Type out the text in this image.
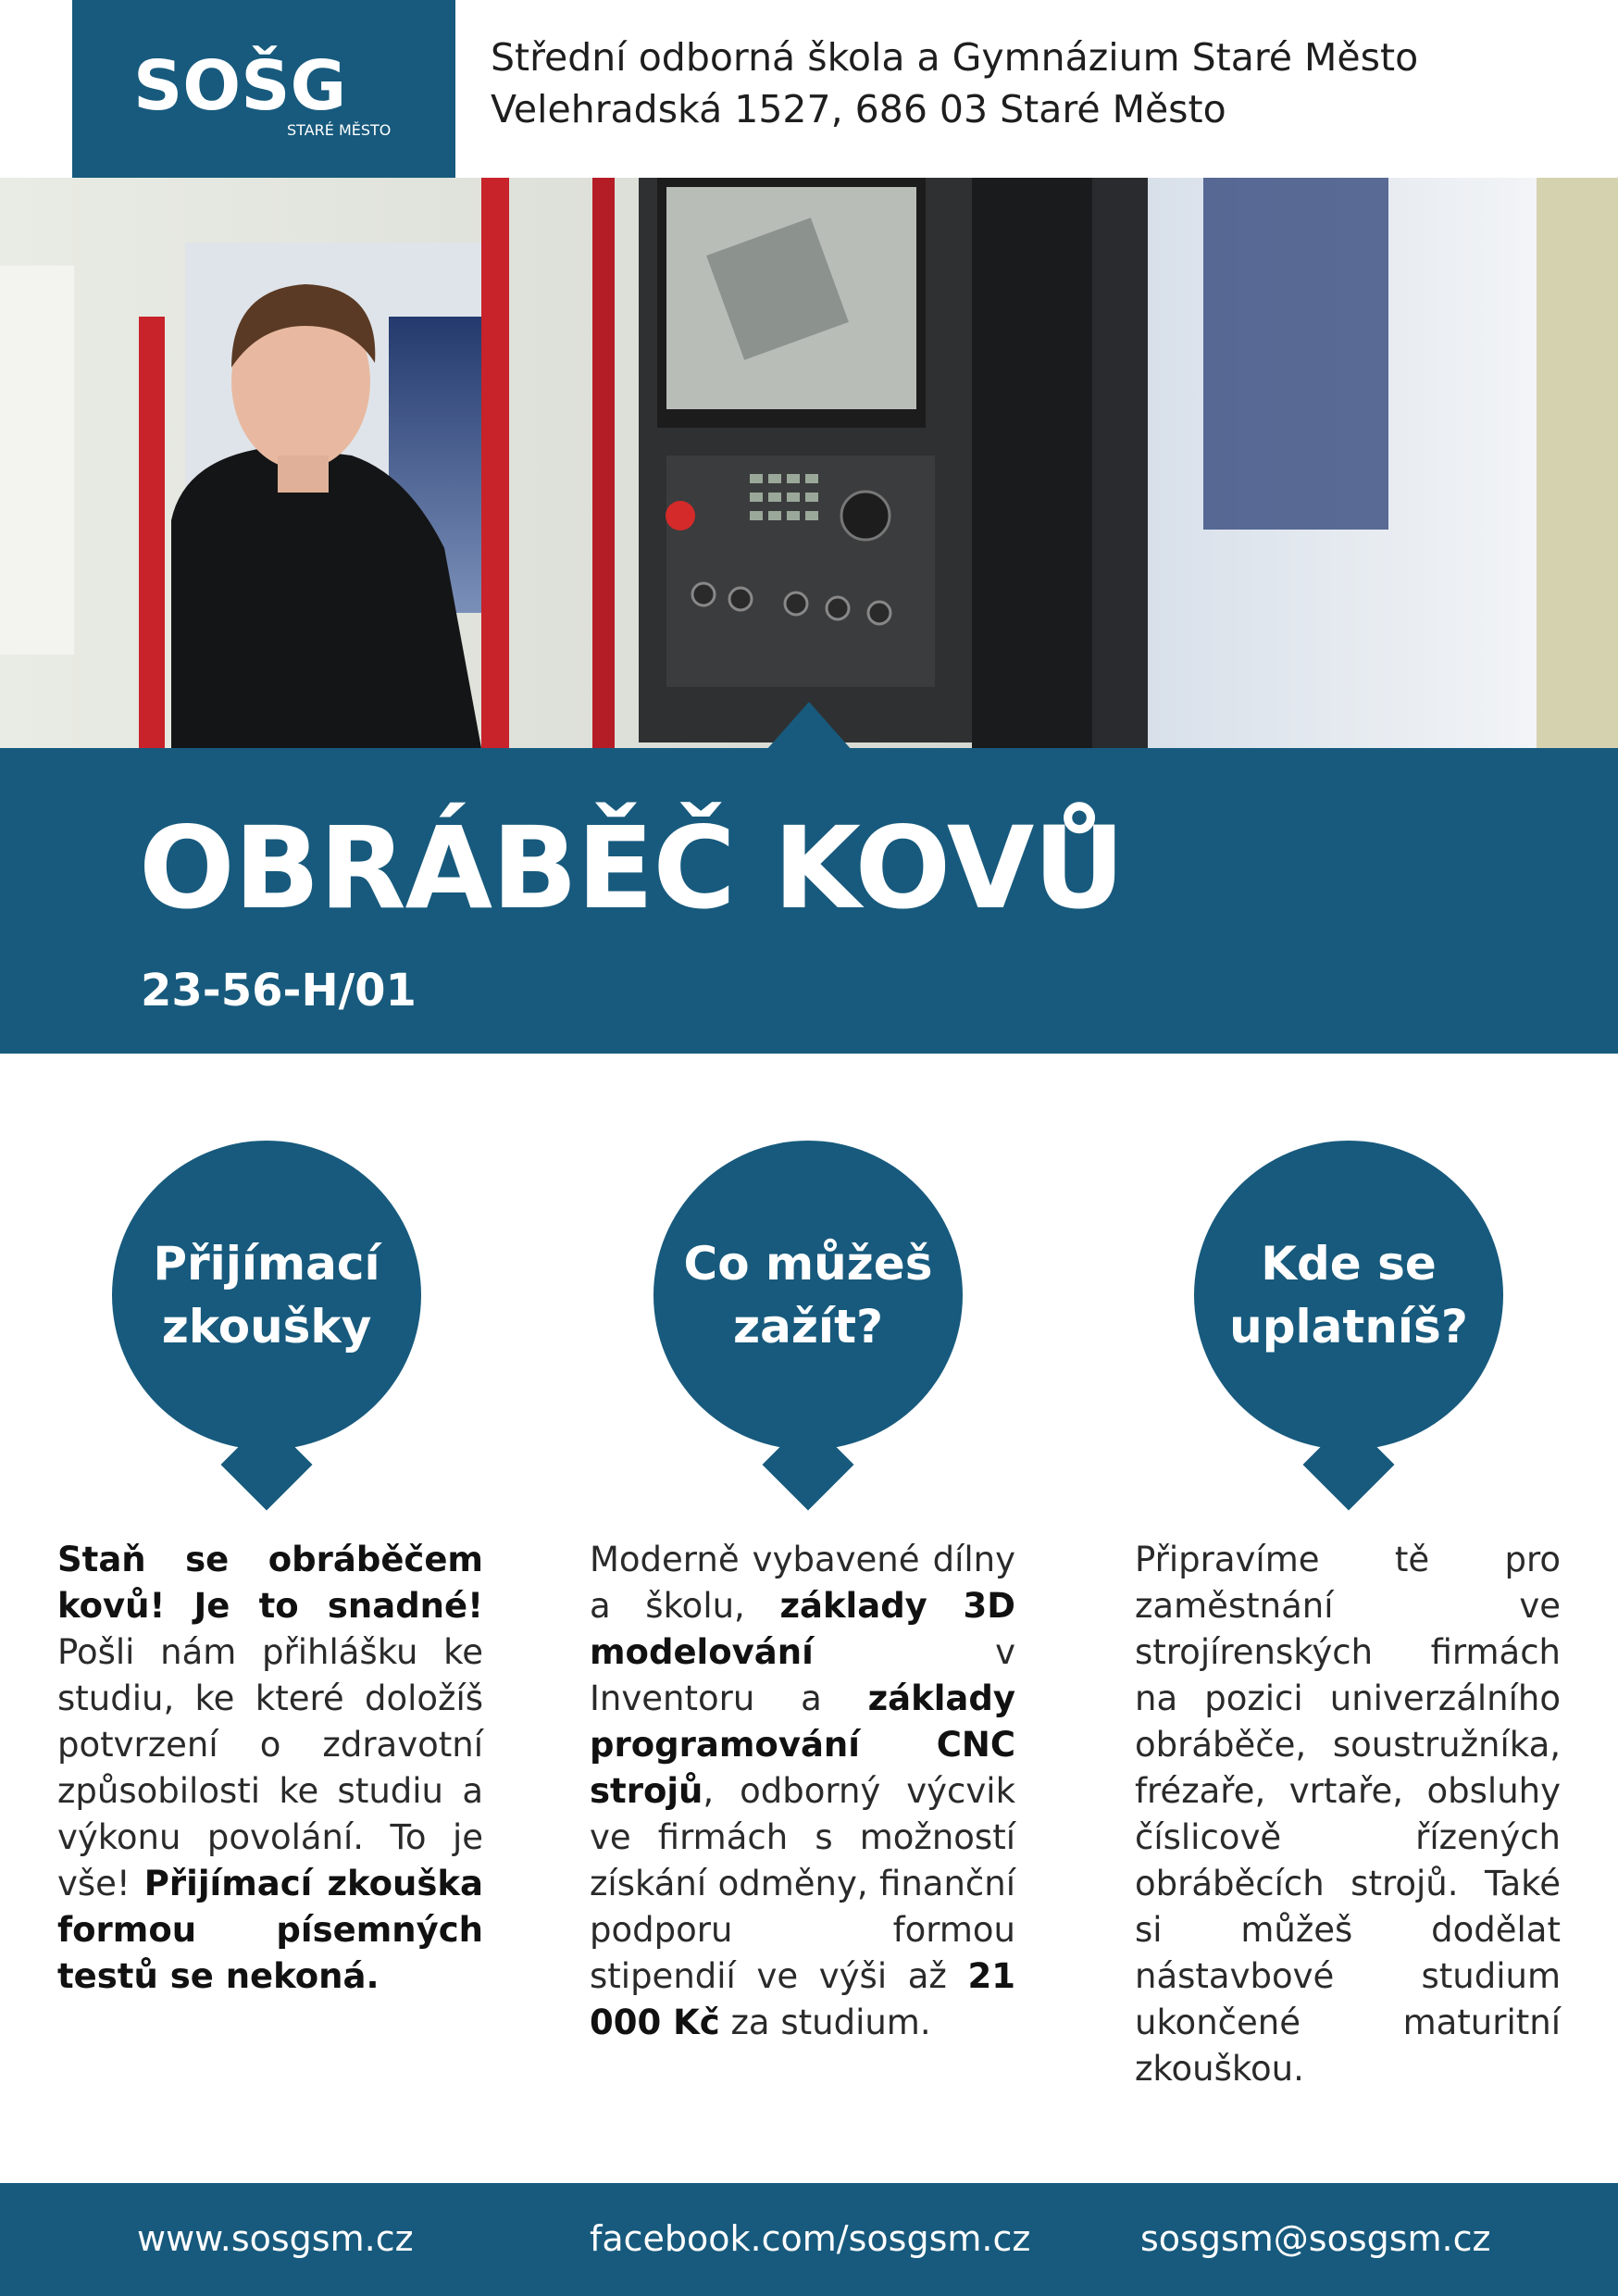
SOŠG
STARÉ MĚSTO
Střední odborná škola a Gymnázium Staré Město
Velehradská 1527, 686 03 Staré Město
OBRÁBĚČ KOVŮ
23-56-H/01
Přijímací
zkoušky
Co můžeš
zažít?
Kde se
uplatníš?
Staň se obráběčem kovů! Je to snadné! Pošli nám přihlášku ke studiu, ke které doložíš potvrzení o zdravotní způsobilosti ke studiu a výkonu povolání. To je vše! Přijímací zkouška formou písemných testů se nekoná.
Moderně vybavené dílny a školu, základy 3D modelování v Inventoru a základy programování CNC strojů, odborný výcvik ve firmách s možností získání odměny, finanční podporu formou stipendií ve výši až 21 000 Kč za studium.
Připravíme tě pro zaměstnání ve strojírenských firmách na pozici univerzálního obráběče, soustružníka, frézaře, vrtaře, obsluhy číslicově řízených obráběcích strojů. Také si můžeš dodělat nástavbové studium ukončené maturitní zkouškou.
www.sosgsm.cz	facebook.com/sosgsm.cz	sosgsm@sosgsm.cz
